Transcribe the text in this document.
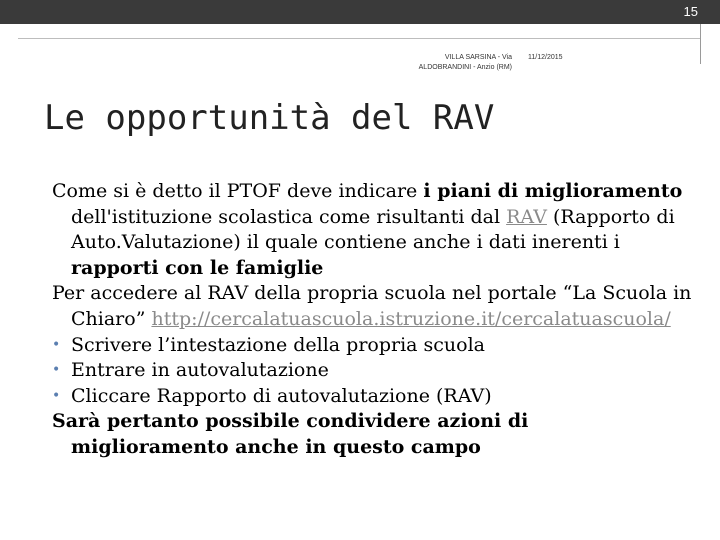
15
VILLA SARSINA - Via ALDOBRANDINI - Anzio (RM)
11/12/2015
Le opportunità del RAV

Come si è detto il PTOF deve indicare i piani di miglioramento dell'istituzione scolastica come risultanti dal RAV (Rapporto di Auto.Valutazione) il quale contiene anche i dati inerenti i rapporti con le famiglie

Per accedere al RAV della propria scuola nel portale “La Scuola in Chiaro” http://cercalatuascuola.istruzione.it/cercalatuascuola/

• Scrivere l’intestazione della propria scuola

• Entrare in autovalutazione

• Cliccare Rapporto di autovalutazione (RAV)

Sarà pertanto possibile condividere azioni di miglioramento anche in questo campo
